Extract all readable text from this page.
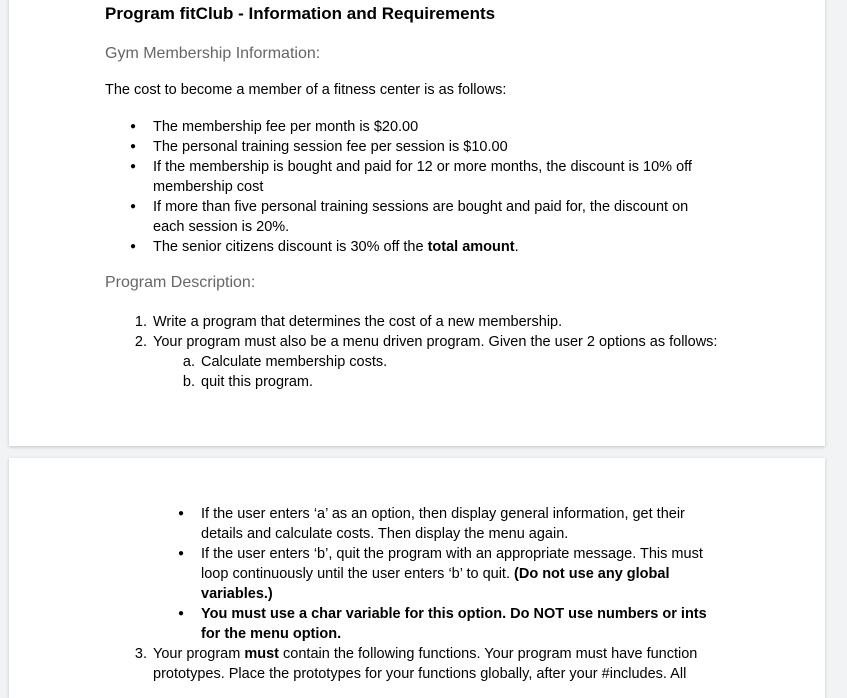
Program fitClub - Information and Requirements
Gym Membership Information:
The cost to become a member of a fitness center is as follows:
● The membership fee per month is $20.00
● The personal training session fee per session is $10.00
● If the membership is bought and paid for 12 or more months, the discount is 10% off
membership cost
● If more than five personal training sessions are bought and paid for, the discount on
each session is 20%.
● The senior citizens discount is 30% off the total amount.
Program Description:
1. Write a program that determines the cost of a new membership.
2. Your program must also be a menu driven program. Given the user 2 options as follows:
a. Calculate membership costs.
b. quit this program.
● If the user enters ‘a’ as an option, then display general information, get their
details and calculate costs. Then display the menu again.
● If the user enters ‘b’, quit the program with an appropriate message. This must
loop continuously until the user enters ‘b’ to quit. (Do not use any global
variables.)
● You must use a char variable for this option. Do NOT use numbers or ints
for the menu option.
3. Your program must contain the following functions. Your program must have function
prototypes. Place the prototypes for your functions globally, after your #includes. All
